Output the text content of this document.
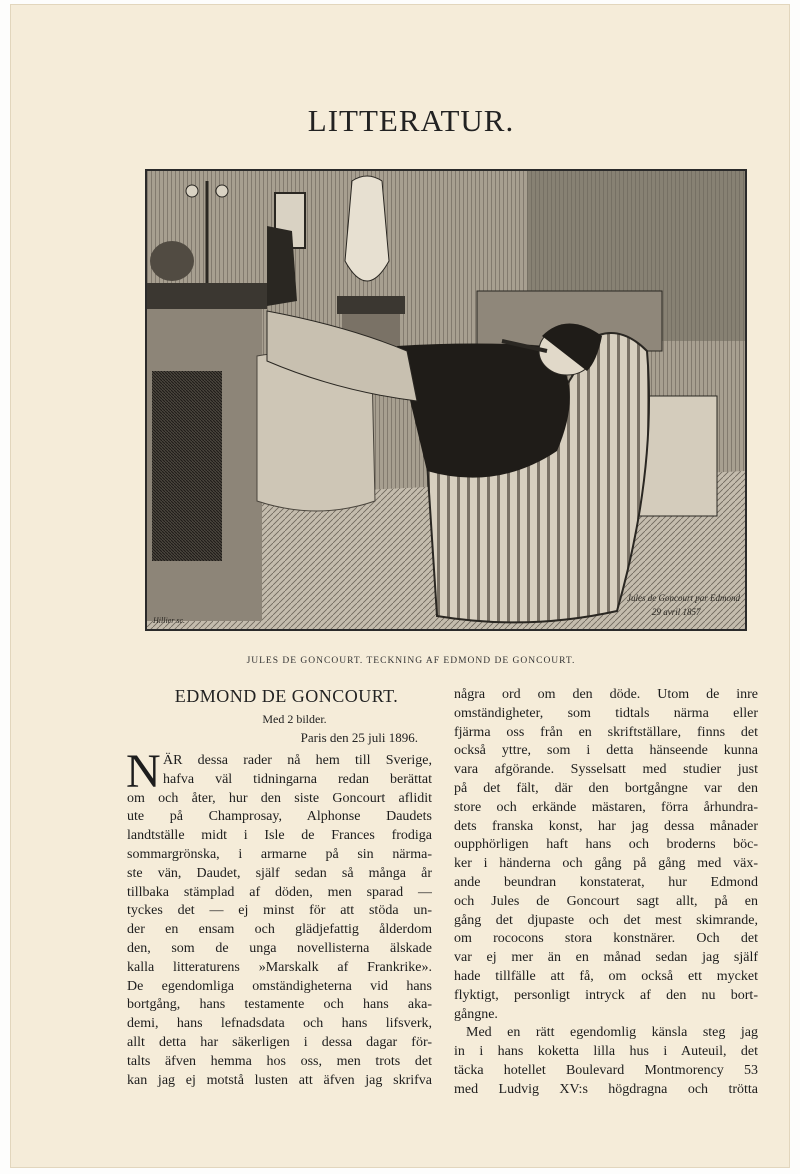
LITTERATUR.
Jules de Goncourt par Edmond
29 avril 1857
Hillier sc.
JULES DE GONCOURT. TECKNING AF EDMOND DE GONCOURT.
EDMOND DE GONCOURT.
Med 2 bilder.
Paris den 25 juli 1896.
N ÄR dessa rader nå hem till Sverige,
hafva väl tidningarna redan berättat
om och åter, hur den siste Goncourt aflidit
ute på Champrosay, Alphonse Daudets
landtställe midt i Isle de Frances frodiga
sommargrönska, i armarne på sin närma-
ste vän, Daudet, själf sedan så många år
tillbaka stämplad af döden, men sparad —
tyckes det — ej minst för att stöda un-
der en ensam och glädjefattig ålderdom
den, som de unga novellisterna älskade
kalla litteraturens »Marskalk af Frankrike».
De egendomliga omständigheterna vid hans
bortgång, hans testamente och hans aka-
demi, hans lefnadsdata och hans lifsverk,
allt detta har säkerligen i dessa dagar för-
talts äfven hemma hos oss, men trots det
kan jag ej motstå lusten att äfven jag skrifva
några ord om den döde. Utom de inre
omständigheter, som tidtals närma eller
fjärma oss från en skriftställare, finns det
också yttre, som i detta hänseende kunna
vara afgörande. Sysselsatt med studier just
på det fält, där den bortgångne var den
store och erkände mästaren, förra århundra-
dets franska konst, har jag dessa månader
oupphörligen haft hans och broderns böc-
ker i händerna och gång på gång med väx-
ande beundran konstaterat, hur Edmond
och Jules de Goncourt sagt allt, på en
gång det djupaste och det mest skimrande,
om rococons stora konstnärer. Och det
var ej mer än en månad sedan jag själf
hade tillfälle att få, om också ett mycket
flyktigt, personligt intryck af den nu bort-
gångne.
Med en rätt egendomlig känsla steg jag
in i hans koketta lilla hus i Auteuil, det
täcka hotellet Boulevard Montmorency 53
med Ludvig XV:s högdragna och trötta
